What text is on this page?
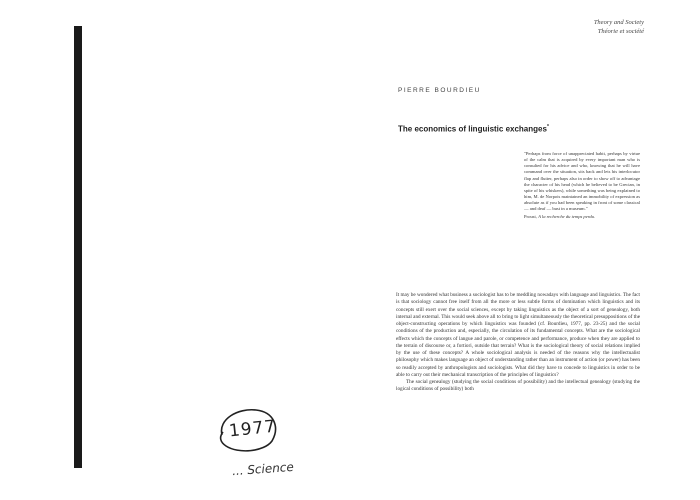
Theory and Society
Théorie et société
PIERRE BOURDIEU
The economics of linguistic exchanges*
"Perhaps from force of unappreciated habit, perhaps by virtue of the calm that is acquired by every important man who is consulted for his advice and who, knowing that he will have command over the situation, sits back and lets his interlocutor flap and flutter, perhaps also in order to show off to advantage the character of his head (which he believed to be Grecian, in spite of his whiskers), while something was being explained to him, M. de Norpois maintained an immobility of expression as absolute as if you had been speaking in front of some classical — and deaf — bust in a museum."
Proust, A la recherche du temps perdu.

It may be wondered what business a sociologist has to be meddling nowadays with language and linguistics. The fact is that sociology cannot free itself from all the more or less subtle forms of domination which linguistics and its concepts still exert over the social sciences, except by taking linguistics as the object of a sort of genealogy, both internal and external. This would seek above all to bring to light simultaneously the theoretical presuppositions of the object-constructing operations by which linguistics was founded (cf. Bourdieu, 1977, pp. 23-25) and the social conditions of the production and, especially, the circulation of its fundamental concepts. What are the sociological effects which the concepts of langue and parole, or competence and performance, produce when they are applied to the terrain of discourse or, a fortiori, outside that terrain? What is the sociological theory of social relations implied by the use of these concepts? A whole sociological analysis is needed of the reasons why the intellectualist philosophy which makes language an object of understanding rather than an instrument of action (or power) has been so readily accepted by anthropologists and sociologists. What did they have to concede to linguistics in order to be able to carry out their mechanical transcription of the principles of linguistics?

The social genealogy (studying the social conditions of possibility) and the intellectual genealogy (studying the logical conditions of possibility) both

1977
... Science
